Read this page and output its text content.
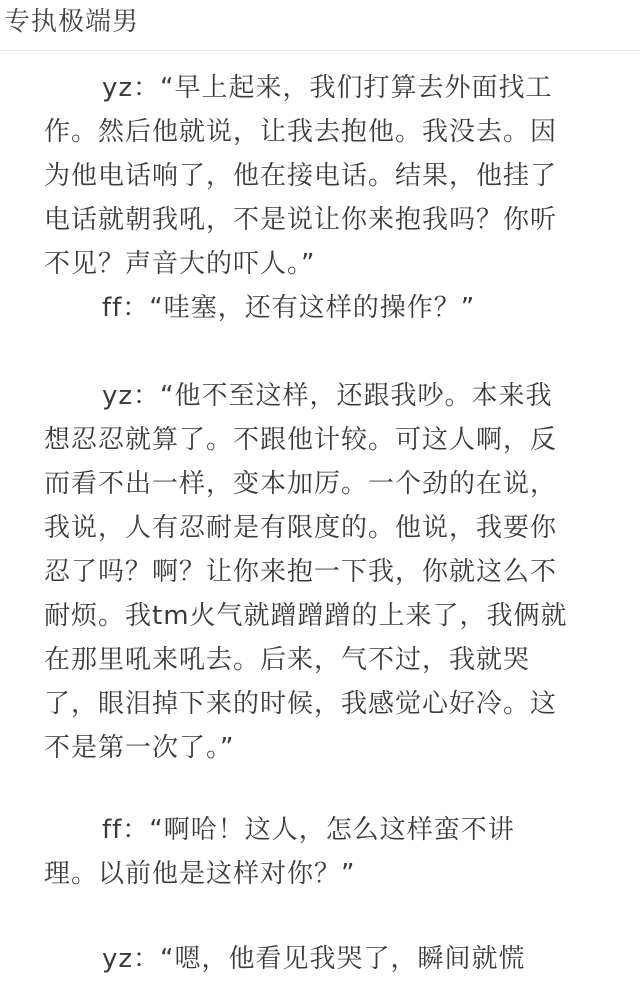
专执极端男
yz：“早上起来，我们打算去外面找工
作。然后他就说，让我去抱他。我没去。因
为他电话响了，他在接电话。结果，他挂了
电话就朝我吼，不是说让你来抱我吗？你听
不见？声音大的吓人。”
ff：“哇塞，还有这样的操作？”
yz：“他不至这样，还跟我吵。本来我
想忍忍就算了。不跟他计较。可这人啊，反
而看不出一样，变本加厉。一个劲的在说，
我说，人有忍耐是有限度的。他说，我要你
忍了吗？啊？让你来抱一下我，你就这么不
耐烦。我tm火气就蹭蹭蹭的上来了，我俩就
在那里吼来吼去。后来，气不过，我就哭
了，眼泪掉下来的时候，我感觉心好冷。这
不是第一次了。”
ff：“啊哈！这人，怎么这样蛮不讲
理。以前他是这样对你？”
yz：“嗯，他看见我哭了，瞬间就慌
